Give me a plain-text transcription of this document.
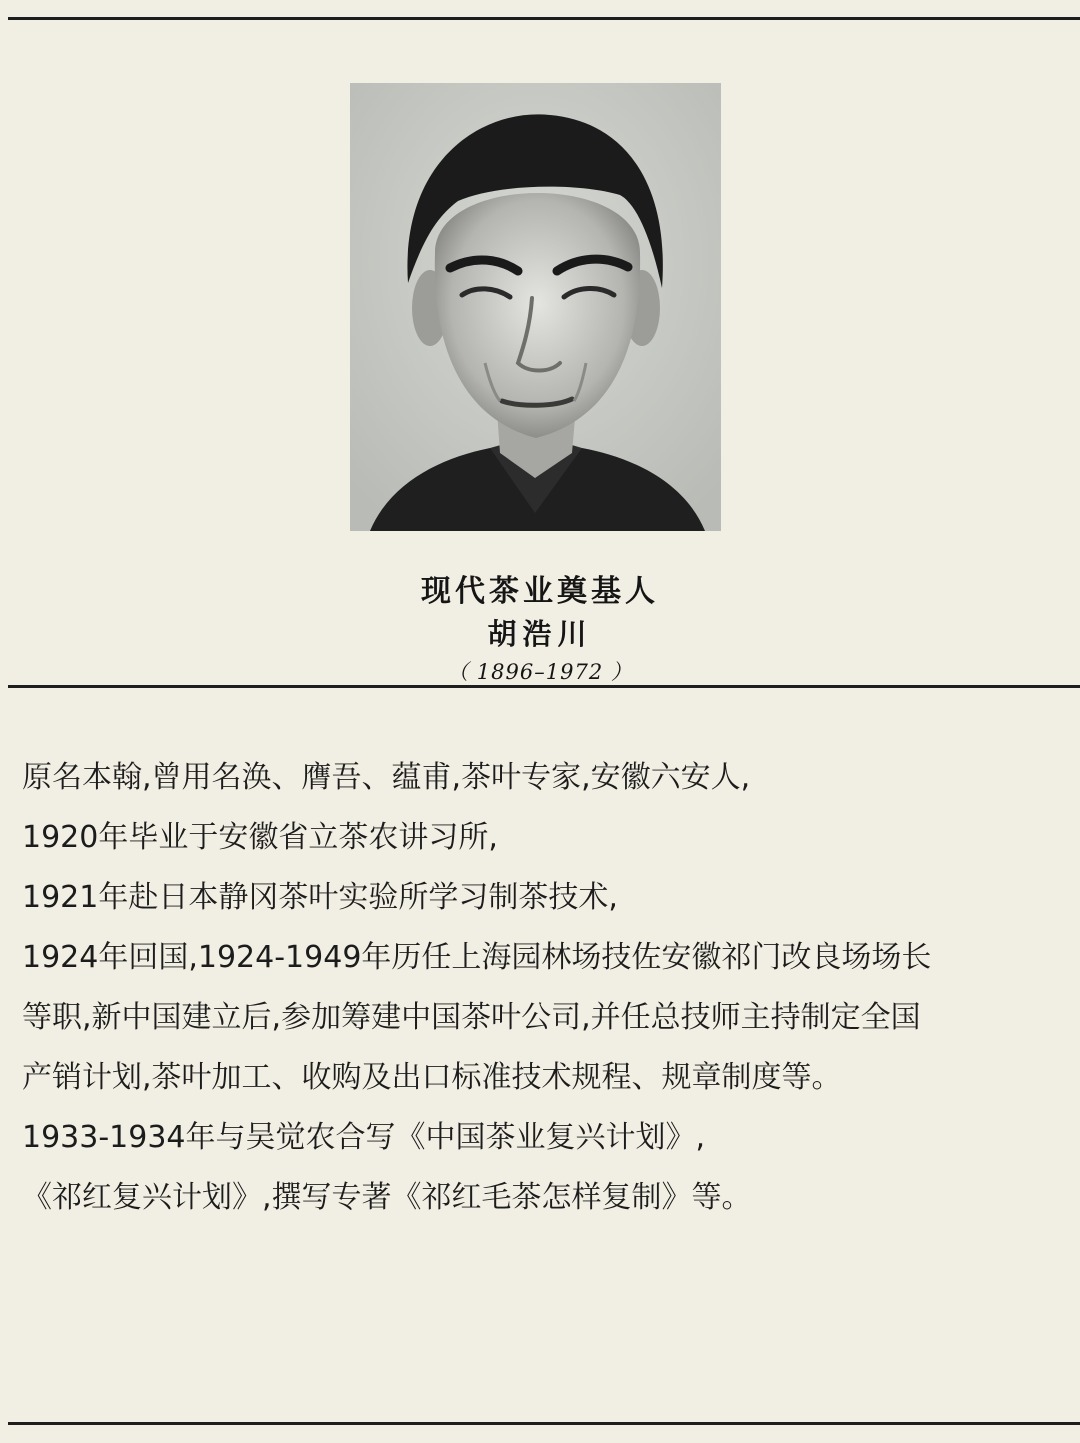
现代茶业奠基人
胡浩川
（ 1896–1972 ）
原名本翰,曾用名涣、膺吾、蕴甫,茶叶专家,安徽六安人,
1920年毕业于安徽省立茶农讲习所,
1921年赴日本静冈茶叶实验所学习制茶技术,
1924年回国,1924-1949年历任上海园林场技佐安徽祁门改良场场长
等职,新中国建立后,参加筹建中国茶叶公司,并任总技师主持制定全国
产销计划,茶叶加工、收购及出口标准技术规程、规章制度等。
1933-1934年与吴觉农合写《中国茶业复兴计划》,
《祁红复兴计划》,撰写专著《祁红毛茶怎样复制》等。
